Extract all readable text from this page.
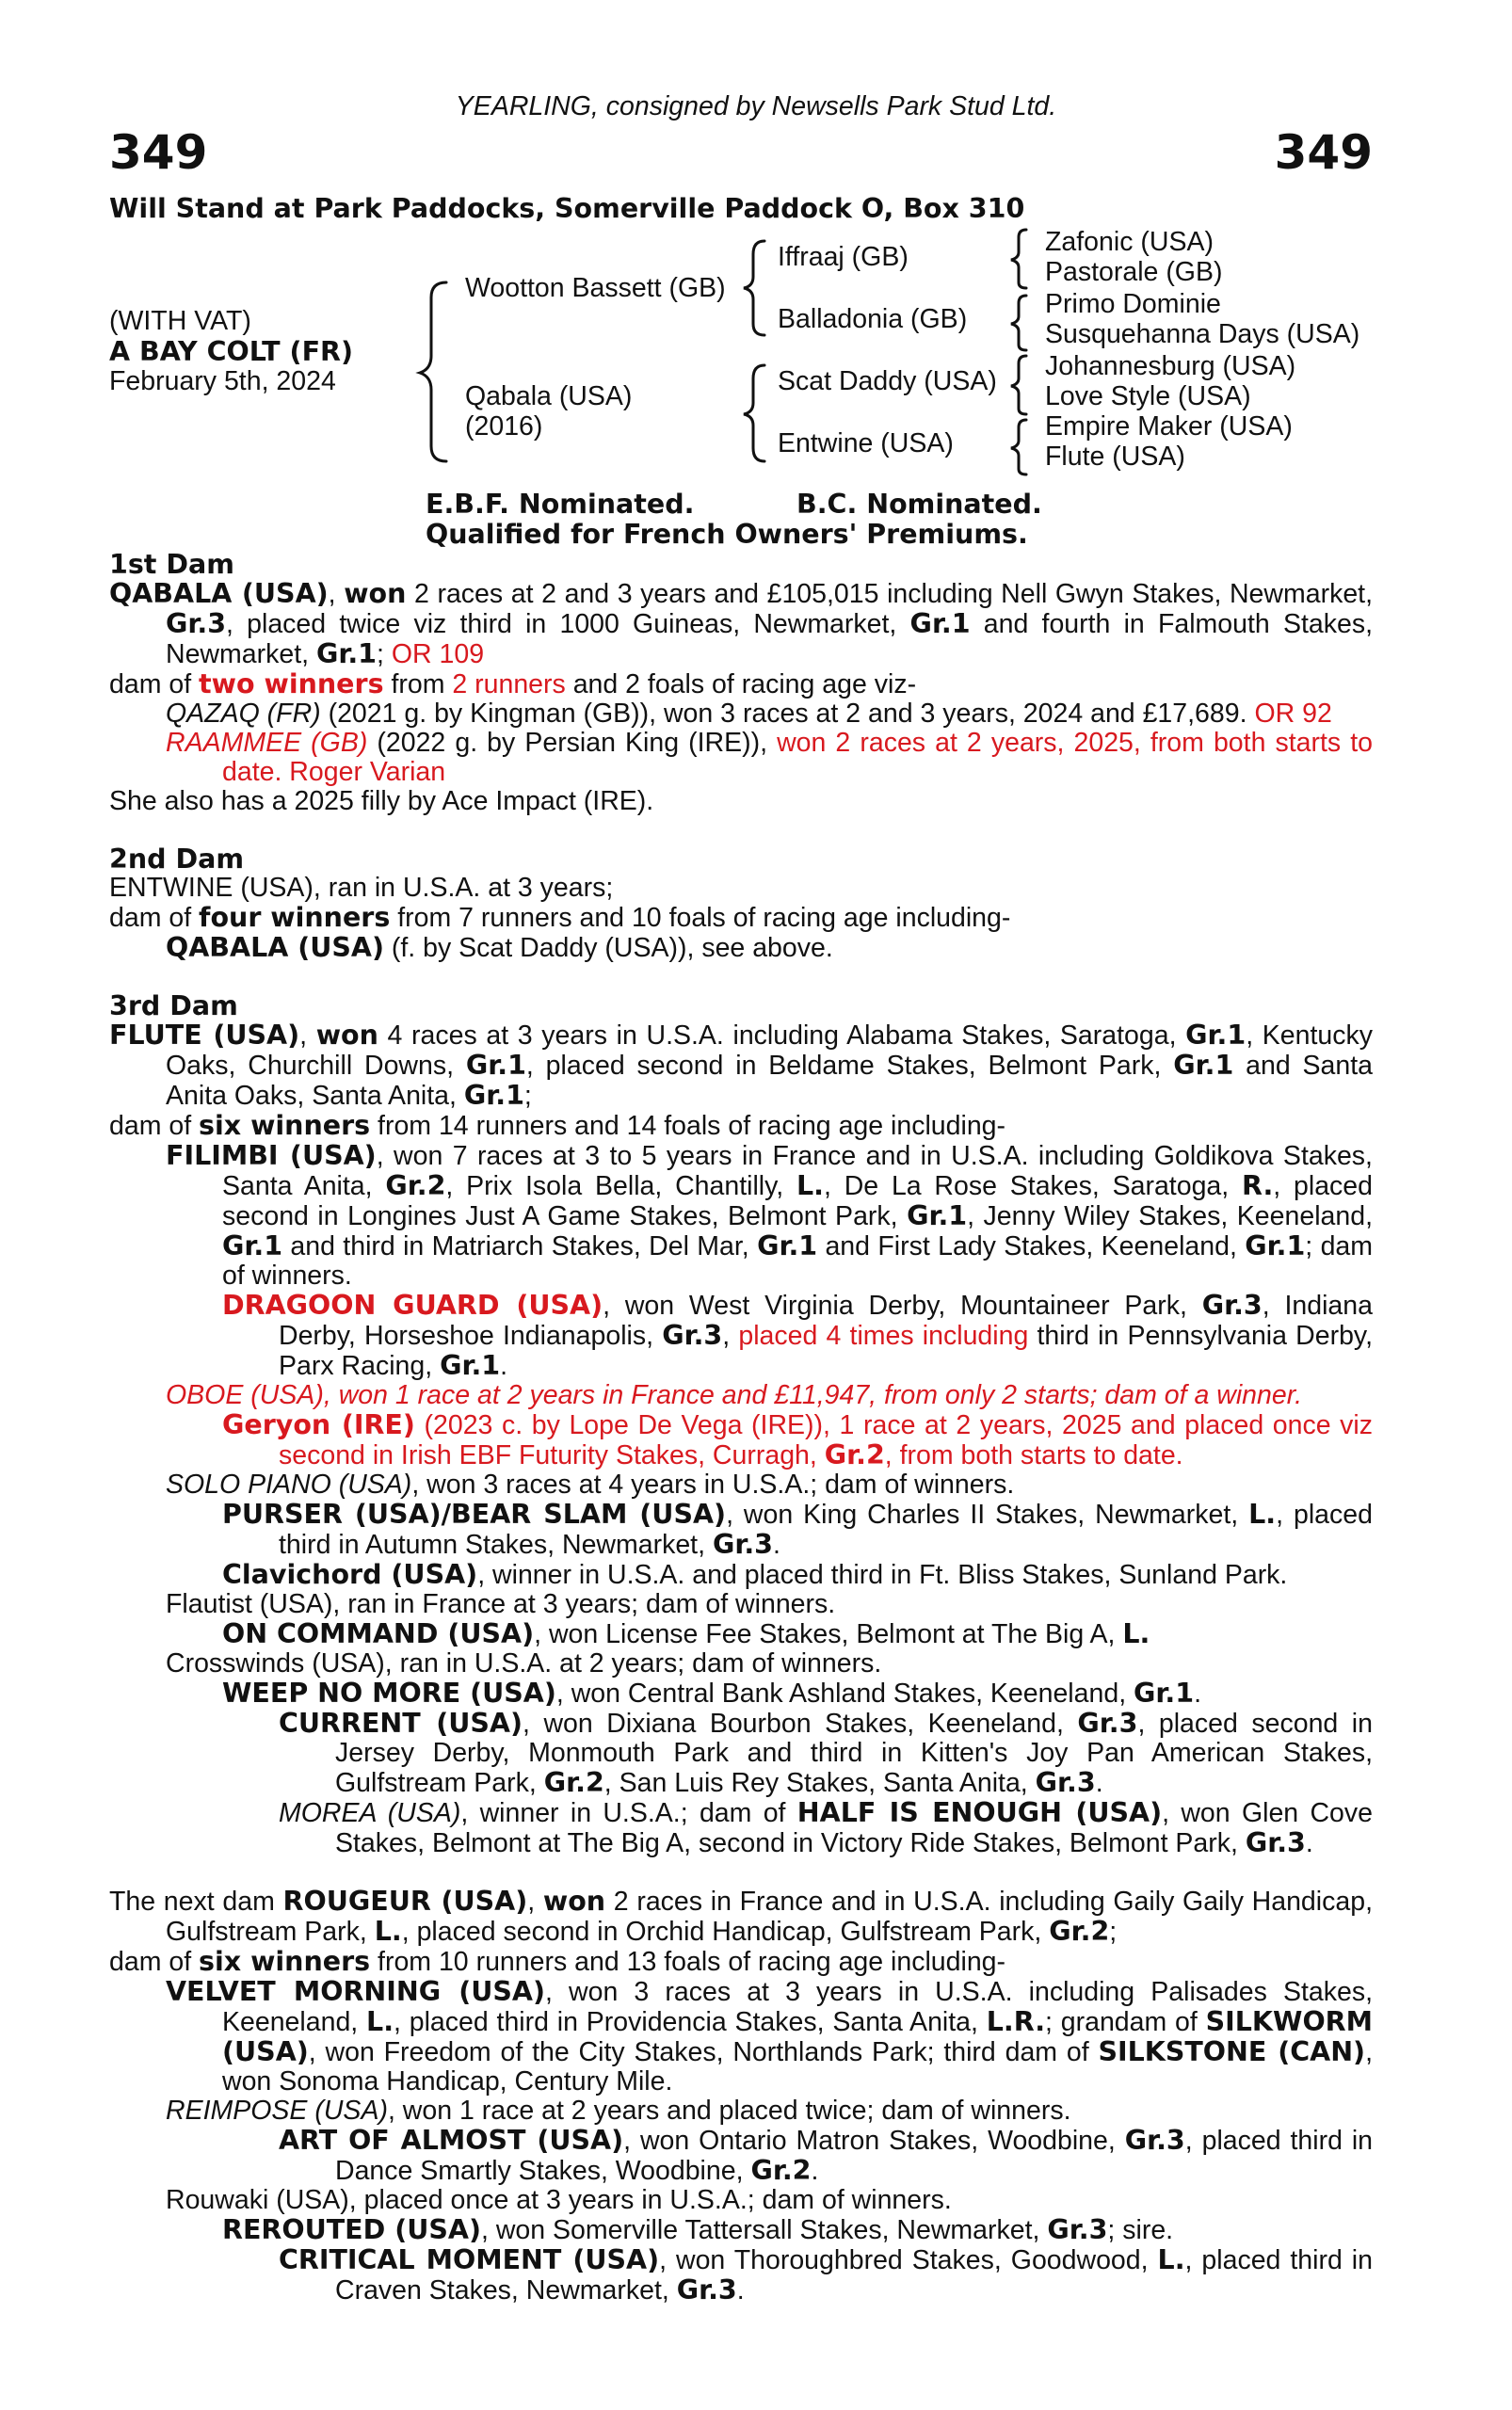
YEARLING, consigned by Newsells Park Stud Ltd.
349	349
Will Stand at Park Paddocks, Somerville Paddock O, Box 310
(WITH VAT)
A BAY COLT (FR)
February 5th, 2024
Wootton Bassett (GB)
Qabala (USA)
(2016)
Iffraaj (GB)
Balladonia (GB)
Scat Daddy (USA)
Entwine (USA)
Zafonic (USA)
Pastorale (GB)
Primo Dominie
Susquehanna Days (USA)
Johannesburg (USA)
Love Style (USA)
Empire Maker (USA)
Flute (USA)
E.B.F. Nominated.	B.C. Nominated.
Qualified for French Owners' Premiums.

1st Dam

QABALA (USA), won 2 races at 2 and 3 years and £105,015 including Nell Gwyn Stakes, Newmarket, Gr.3, placed twice viz third in 1000 Guineas, Newmarket, Gr.1 and fourth in Falmouth Stakes, Newmarket, Gr.1; OR 109

dam of two winners from 2 runners and 2 foals of racing age viz-

QAZAQ (FR) (2021 g. by Kingman (GB)), won 3 races at 2 and 3 years, 2024 and £17,689. OR 92

RAAMMEE (GB) (2022 g. by Persian King (IRE)), won 2 races at 2 years, 2025, from both starts to date. Roger Varian

She also has a 2025 filly by Ace Impact (IRE).

2nd Dam

ENTWINE (USA), ran in U.S.A. at 3 years;

dam of four winners from 7 runners and 10 foals of racing age including-

QABALA (USA) (f. by Scat Daddy (USA)), see above.

3rd Dam

FLUTE (USA), won 4 races at 3 years in U.S.A. including Alabama Stakes, Saratoga, Gr.1, Kentucky Oaks, Churchill Downs, Gr.1, placed second in Beldame Stakes, Belmont Park, Gr.1 and Santa Anita Oaks, Santa Anita, Gr.1;

dam of six winners from 14 runners and 14 foals of racing age including-

FILIMBI (USA), won 7 races at 3 to 5 years in France and in U.S.A. including Goldikova Stakes, Santa Anita, Gr.2, Prix Isola Bella, Chantilly, L., De La Rose Stakes, Saratoga, R., placed second in Longines Just A Game Stakes, Belmont Park, Gr.1, Jenny Wiley Stakes, Keeneland, Gr.1 and third in Matriarch Stakes, Del Mar, Gr.1 and First Lady Stakes, Keeneland, Gr.1; dam of winners.

DRAGOON GUARD (USA), won West Virginia Derby, Mountaineer Park, Gr.3, Indiana Derby, Horseshoe Indianapolis, Gr.3, placed 4 times including third in Pennsylvania Derby, Parx Racing, Gr.1.

OBOE (USA), won 1 race at 2 years in France and £11,947, from only 2 starts; dam of a winner.

Geryon (IRE) (2023 c. by Lope De Vega (IRE)), 1 race at 2 years, 2025 and placed once viz second in Irish EBF Futurity Stakes, Curragh, Gr.2, from both starts to date.

SOLO PIANO (USA), won 3 races at 4 years in U.S.A.; dam of winners.

PURSER (USA)/BEAR SLAM (USA), won King Charles II Stakes, Newmarket, L., placed third in Autumn Stakes, Newmarket, Gr.3.

Clavichord (USA), winner in U.S.A. and placed third in Ft. Bliss Stakes, Sunland Park.

Flautist (USA), ran in France at 3 years; dam of winners.

ON COMMAND (USA), won License Fee Stakes, Belmont at The Big A, L.

Crosswinds (USA), ran in U.S.A. at 2 years; dam of winners.

WEEP NO MORE (USA), won Central Bank Ashland Stakes, Keeneland, Gr.1.

CURRENT (USA), won Dixiana Bourbon Stakes, Keeneland, Gr.3, placed second in Jersey Derby, Monmouth Park and third in Kitten's Joy Pan American Stakes, Gulfstream Park, Gr.2, San Luis Rey Stakes, Santa Anita, Gr.3.

MOREA (USA), winner in U.S.A.; dam of HALF IS ENOUGH (USA), won Glen Cove Stakes, Belmont at The Big A, second in Victory Ride Stakes, Belmont Park, Gr.3.

The next dam ROUGEUR (USA), won 2 races in France and in U.S.A. including Gaily Gaily Handicap, Gulfstream Park, L., placed second in Orchid Handicap, Gulfstream Park, Gr.2;

dam of six winners from 10 runners and 13 foals of racing age including-

VELVET MORNING (USA), won 3 races at 3 years in U.S.A. including Palisades Stakes, Keeneland, L., placed third in Providencia Stakes, Santa Anita, L.R.; grandam of SILKWORM (USA), won Freedom of the City Stakes, Northlands Park; third dam of SILKSTONE (CAN), won Sonoma Handicap, Century Mile.

REIMPOSE (USA), won 1 race at 2 years and placed twice; dam of winners.

ART OF ALMOST (USA), won Ontario Matron Stakes, Woodbine, Gr.3, placed third in Dance Smartly Stakes, Woodbine, Gr.2.

Rouwaki (USA), placed once at 3 years in U.S.A.; dam of winners.

REROUTED (USA), won Somerville Tattersall Stakes, Newmarket, Gr.3; sire.

CRITICAL MOMENT (USA), won Thoroughbred Stakes, Goodwood, L., placed third in Craven Stakes, Newmarket, Gr.3.
